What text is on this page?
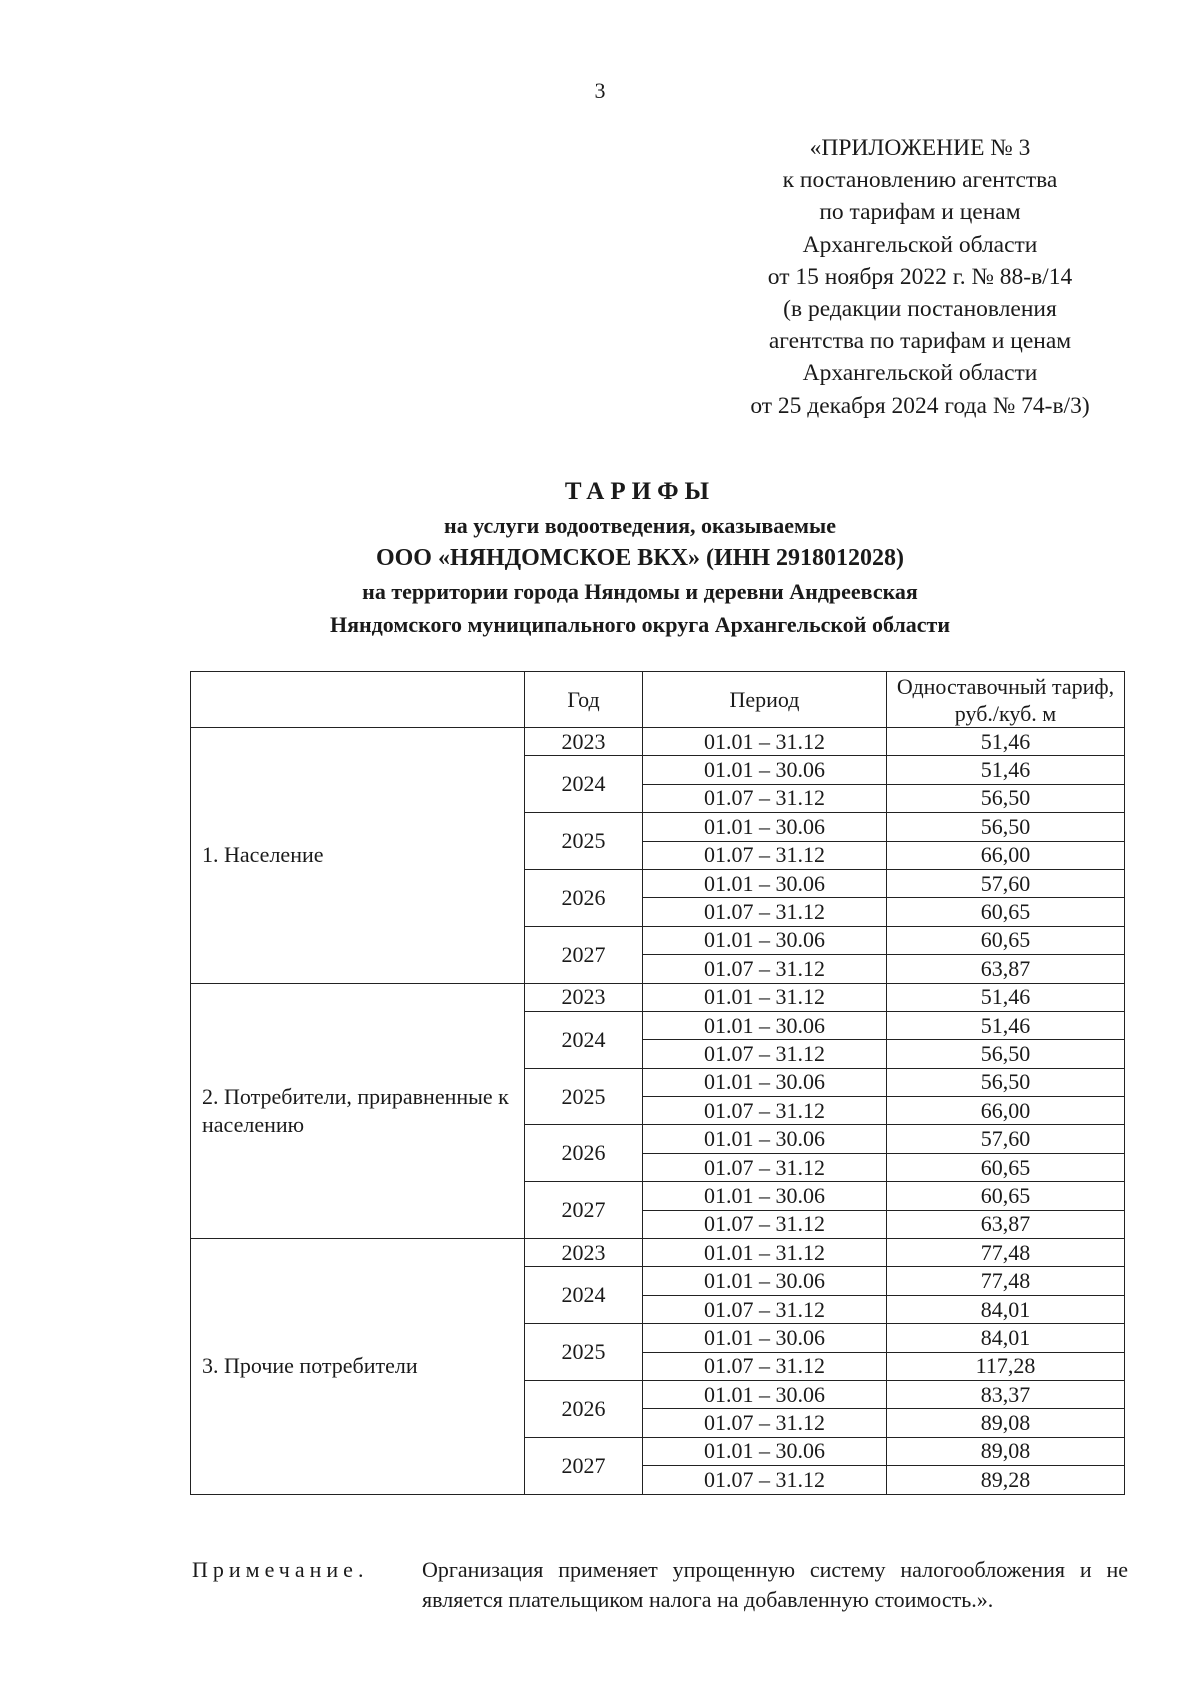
3
«ПРИЛОЖЕНИЕ № 3
к постановлению агентства
по тарифам и ценам
Архангельской области
от 15 ноября 2022 г. № 88-в/14
(в редакции постановления
агентства по тарифам и ценам
Архангельской области
от 25 декабря 2024 года № 74-в/3)
ТАРИФЫ
на услуги водоотведения, оказываемые
ООО «НЯНДОМСКОЕ ВКХ» (ИНН 2918012028)
на территории города Няндомы и деревни Андреевская
Няндомского муниципального округа Архангельской области
	Год	Период	Одноставочный тариф, руб./куб. м
1. Население	2023	01.01 – 31.12	51,46
	2024	01.01 – 30.06	51,46
		01.07 – 31.12	56,50
	2025	01.01 – 30.06	56,50
		01.07 – 31.12	66,00
	2026	01.01 – 30.06	57,60
		01.07 – 31.12	60,65
	2027	01.01 – 30.06	60,65
		01.07 – 31.12	63,87
2. Потребители, приравненные к населению	2023	01.01 – 31.12	51,46
	2024	01.01 – 30.06	51,46
		01.07 – 31.12	56,50
	2025	01.01 – 30.06	56,50
		01.07 – 31.12	66,00
	2026	01.01 – 30.06	57,60
		01.07 – 31.12	60,65
	2027	01.01 – 30.06	60,65
		01.07 – 31.12	63,87
3. Прочие потребители	2023	01.01 – 31.12	77,48
	2024	01.01 – 30.06	77,48
		01.07 – 31.12	84,01
	2025	01.01 – 30.06	84,01
		01.07 – 31.12	117,28
	2026	01.01 – 30.06	83,37
		01.07 – 31.12	89,08
	2027	01.01 – 30.06	89,08
		01.07 – 31.12	89,28
Примечание. Организация применяет упрощенную систему налогообложения и не является плательщиком налога на добавленную стоимость.».
